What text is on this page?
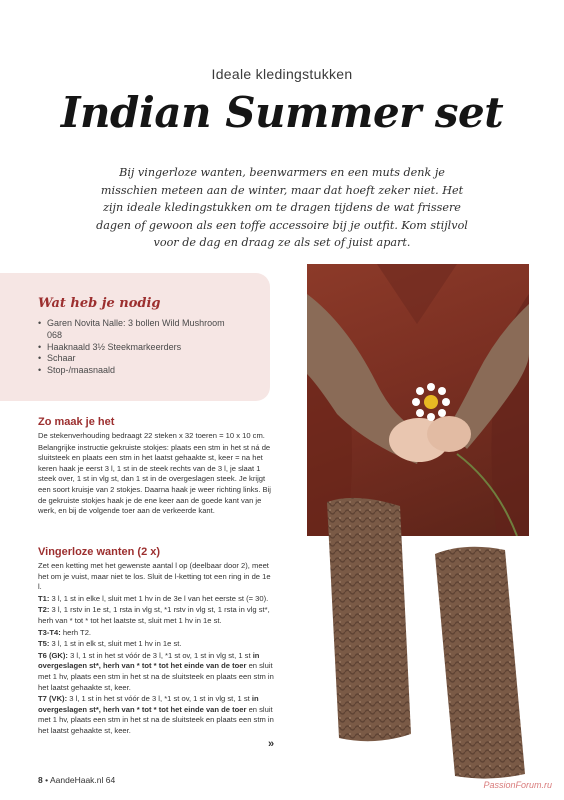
Ideale kledingstukken
Indian Summer set

Bij vingerloze wanten, beenwarmers en een muts denk je misschien meteen aan de winter, maar dat hoeft zeker niet. Het zijn ideale kledingstukken om te dragen tijdens de wat frissere dagen of gewoon als een toffe accessoire bij je outfit. Kom stijlvol voor de dag en draag ze als set of juist apart.

Wat heb je nodig
• Garen Novita Nalle: 3 bollen Wild Mushroom 068
• Haaknaald 3½ Steekmarkeerders
• Schaar
• Stop-/maasnaald
Zo maak je het

De stekenverhouding bedraagt 22 steken x 32 toeren = 10 x 10 cm.

Belangrijke instructie gekruiste stokjes: plaats een stm in het st ná de sluitsteek en plaats een stm in het laatst gehaakte st, keer = na het keren haak je eerst 3 l, 1 st in de steek rechts van de 3 l, je slaat 1 steek over, 1 st in vlg st, dan 1 st in de overgeslagen steek. Je krijgt een soort kruisje van 2 stokjes. Daarna haak je weer richting links. Bij de gekruiste stokjes haak je de ene keer aan de goede kant van je werk, en bij de volgende toer aan de verkeerde kant.

Vingerloze wanten (2 x)

Zet een ketting met het gewenste aantal l op (deelbaar door 2), meet het om je vuist, maar niet te los. Sluit de l-ketting tot een ring in de 1e l.

T1: 3 l, 1 st in elke l, sluit met 1 hv in de 3e l van het eerste st (= 30).

T2: 3 l, 1 rstv in 1e st, 1 rsta in vlg st, *1 rstv in vlg st, 1 rsta in vlg st*, herh van * tot * tot het laatste st, sluit met 1 hv in 1e st.

T3-T4: herh T2.

T5: 3 l, 1 st in elk st, sluit met 1 hv in 1e st.

T6 (GK): 3 l, 1 st in het st vóór de 3 l, *1 st ov, 1 st in vlg st, 1 st in overgeslagen st*, herh van * tot * tot het einde van de toer en sluit met 1 hv, plaats een stm in het st na de sluitsteek en plaats een stm in het laatst gehaakte st, keer.

T7 (VK): 3 l, 1 st in het st vóór de 3 l, *1 st ov, 1 st in vlg st, 1 st in overgeslagen st*, herh van * tot * tot het einde van de toer en sluit met 1 hv, plaats een stm in het st na de sluitsteek en plaats een stm in het laatst gehaakte st, keer.

»
8 • AandeHaak.nl 64	PassionForum.ru
